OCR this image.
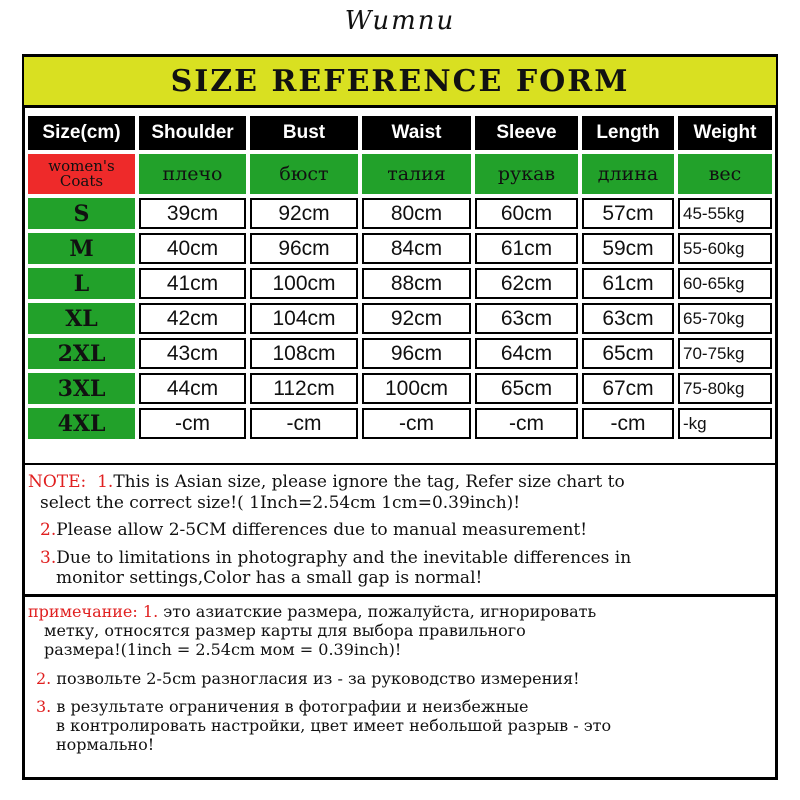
Wumnu
SIZE REFERENCE FORM
Size(cm)	Shoulder	Bust	Waist	Sleeve	Length	Weight
women's Coats	плечо	бюст	талия	рукав	длина	вес
S	39cm	92cm	80cm	60cm	57cm	45-55kg
M	40cm	96cm	84cm	61cm	59cm	55-60kg
L	41cm	100cm	88cm	62cm	61cm	60-65kg
XL	42cm	104cm	92cm	63cm	63cm	65-70kg
2XL	43cm	108cm	96cm	64cm	65cm	70-75kg
3XL	44cm	112cm	100cm	65cm	67cm	75-80kg
4XL	-cm	-cm	-cm	-cm	-cm	-kg
NOTE: 1.This is Asian size, please ignore the tag, Refer size chart to
select the correct size!( 1Inch=2.54cm 1cm=0.39inch)!
2.Please allow 2-5CM differences due to manual measurement!
3.Due to limitations in photography and the inevitable differences in
monitor settings,Color has a small gap is normal!
примечание: 1. это азиатские размера, пожалуйста, игнорировать
метку, относятся размер карты для выбора правильного
размера!(1inch = 2.54cm мом = 0.39inch)!
2. позвольте 2-5cm разногласия из - за руководство измерения!
3. в результате ограничения в фотографии и неизбежные
в контролировать настройки, цвет имеет небольшой разрыв - это
нормально!
